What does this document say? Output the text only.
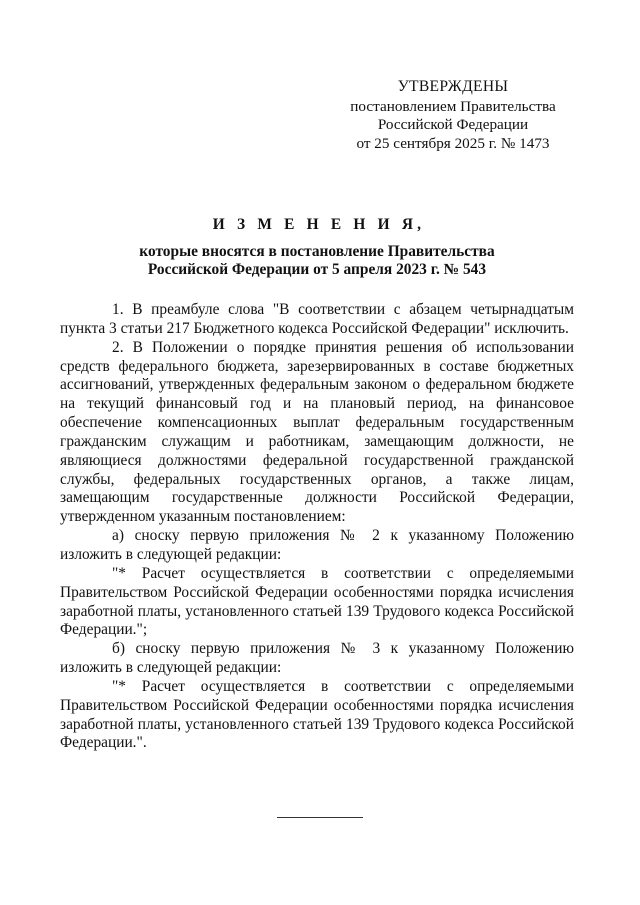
УТВЕРЖДЕНЫ
постановлением Правительства
Российской Федерации
от 25 сентября 2025 г. № 1473
И З М Е Н Е Н И Я,
которые вносятся в постановление Правительства
Российской Федерации от 5 апреля 2023 г. № 543

1. В преамбуле слова "В соответствии с абзацем четырнадцатым пункта 3 статьи 217 Бюджетного кодекса Российской Федерации" исключить.

2. В Положении о порядке принятия решения об использовании средств федерального бюджета, зарезервированных в составе бюджетных ассигнований, утвержденных федеральным законом о федеральном бюджете на текущий финансовый год и на плановый период, на финансовое обеспечение компенсационных выплат федеральным государственным гражданским служащим и работникам, замещающим должности, не являющиеся должностями федеральной государственной гражданской службы, федеральных государственных органов, а также лицам, замещающим государственные должности Российской Федерации, утвержденном указанным постановлением:

а) сноску первую приложения № 2 к указанному Положению изложить в следующей редакции:

"* Расчет осуществляется в соответствии с определяемыми Правительством Российской Федерации особенностями порядка исчисления заработной платы, установленного статьей 139 Трудового кодекса Российской Федерации.";

б) сноску первую приложения № 3 к указанному Положению изложить в следующей редакции:

"* Расчет осуществляется в соответствии с определяемыми Правительством Российской Федерации особенностями порядка исчисления заработной платы, установленного статьей 139 Трудового кодекса Российской Федерации.".
